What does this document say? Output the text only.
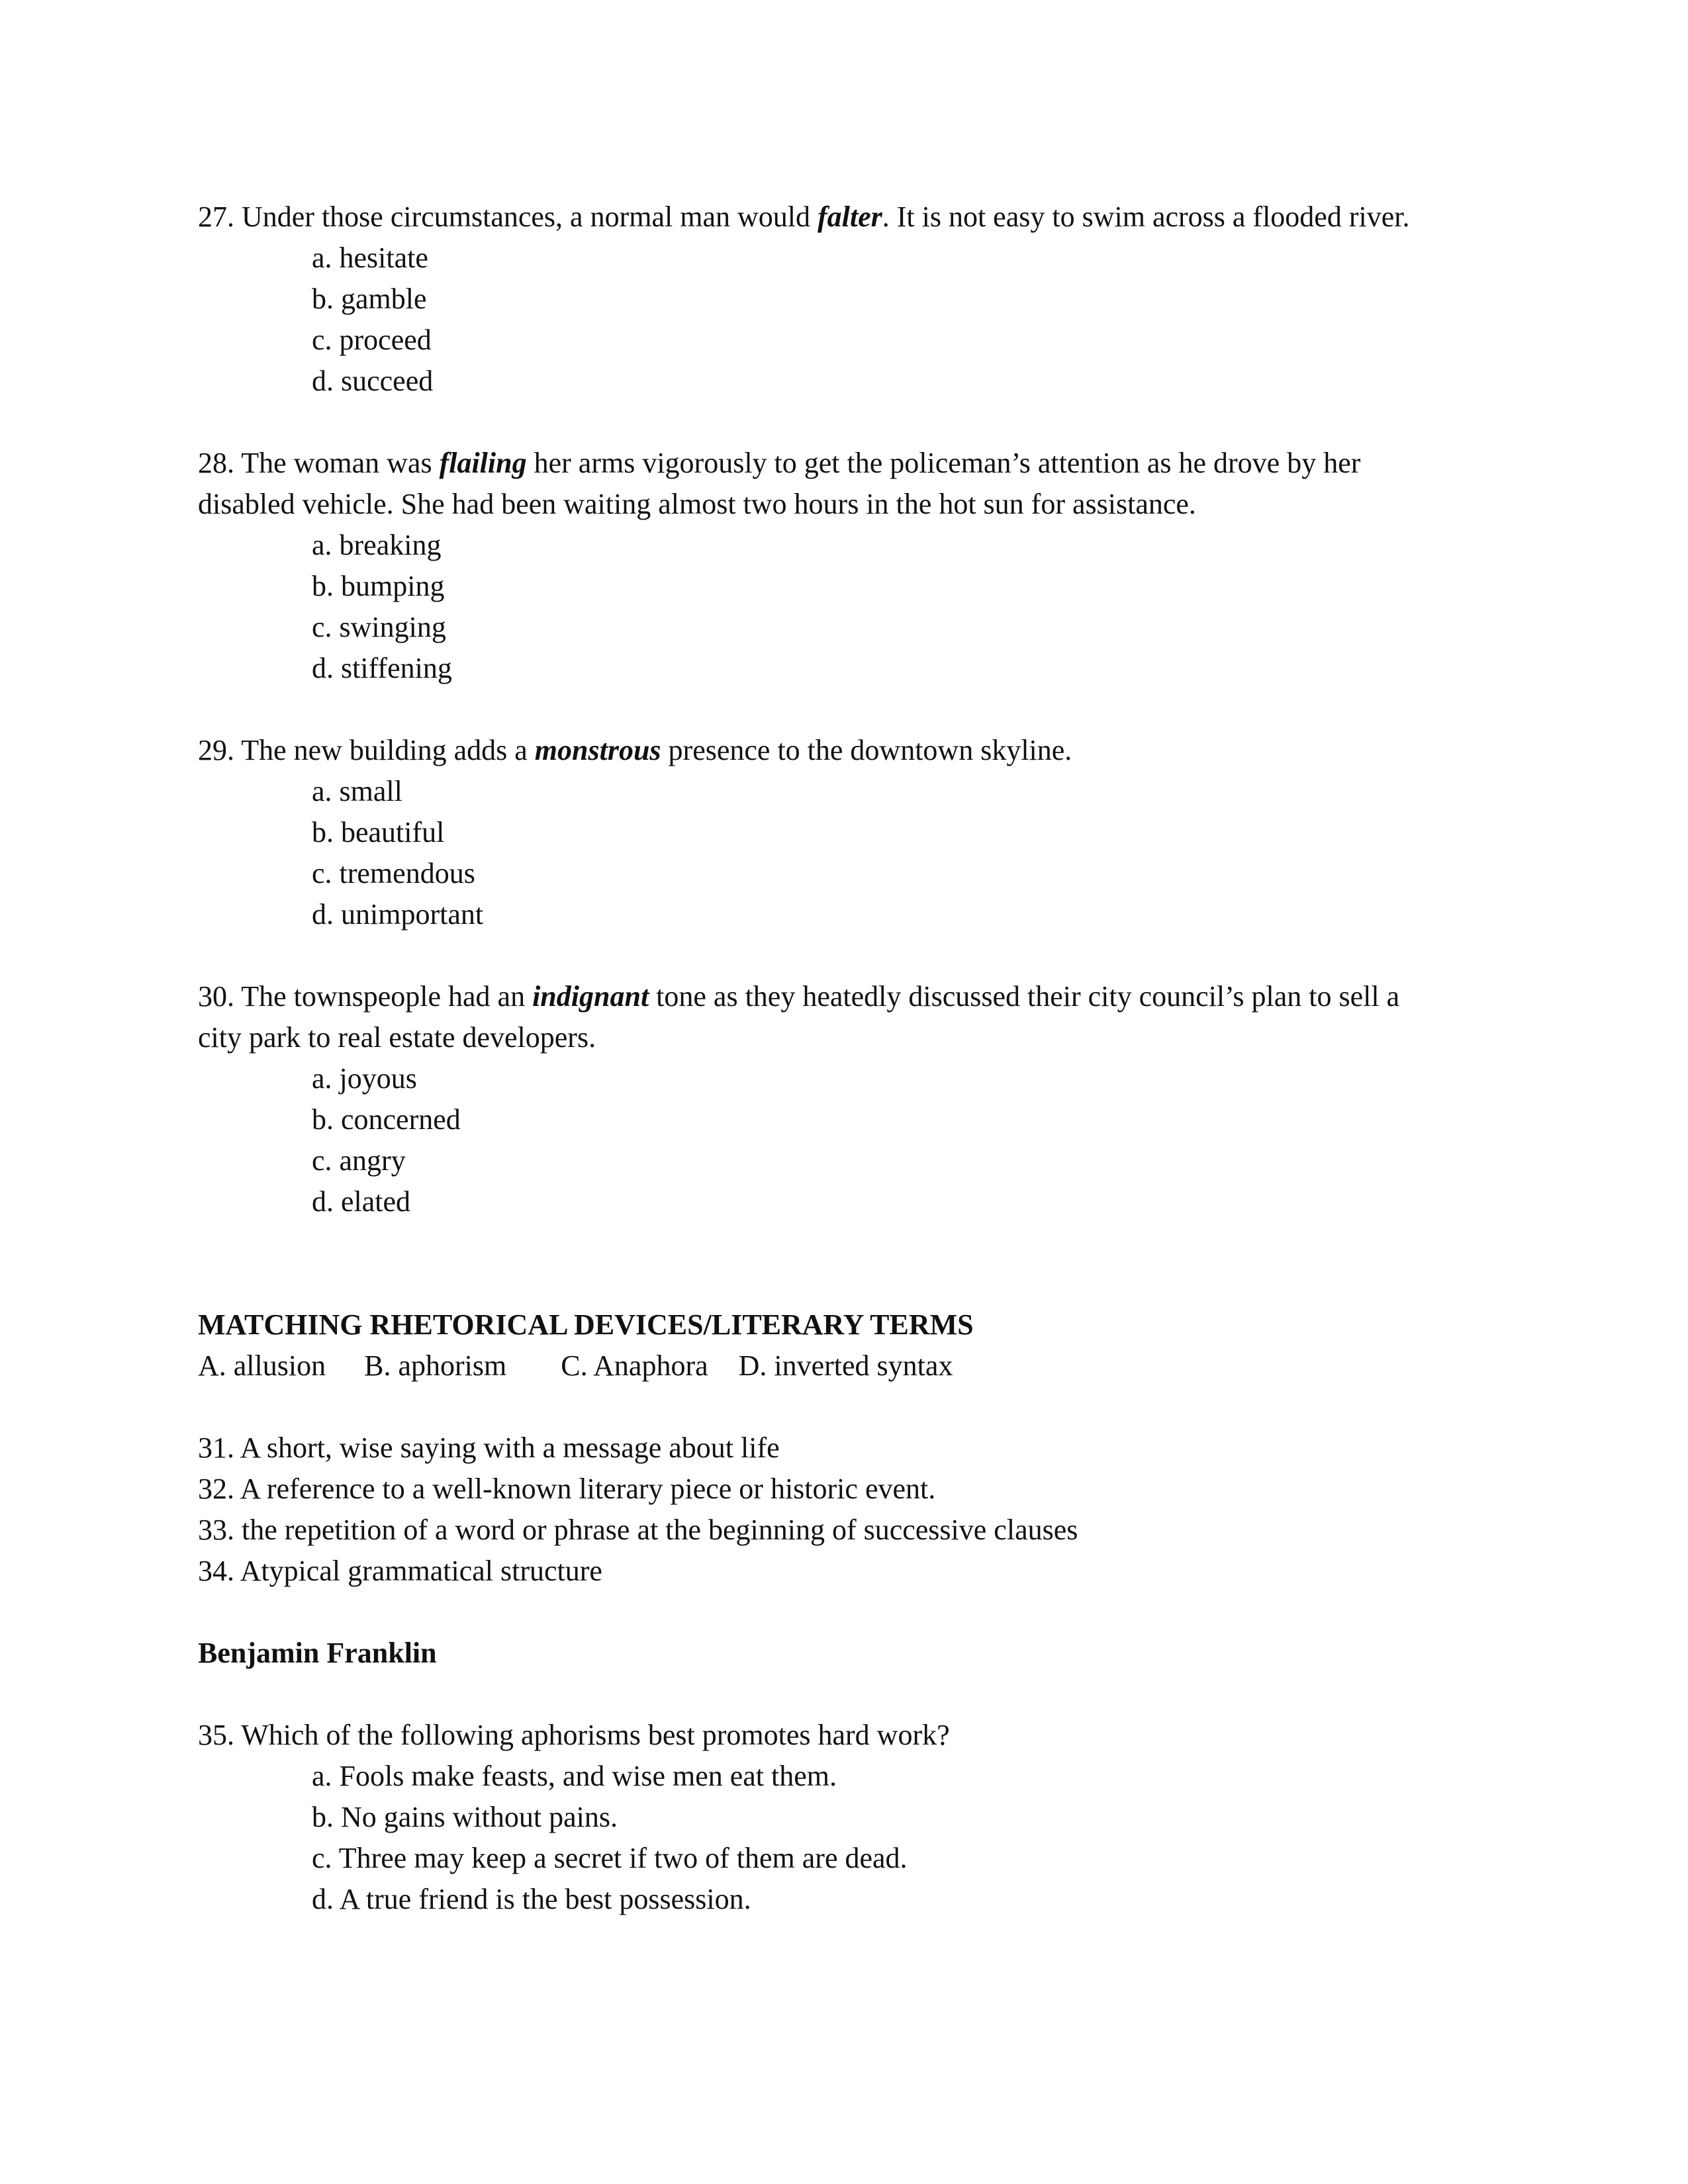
27. Under those circumstances, a normal man would falter. It is not easy to swim across a flooded river.
a. hesitate
b. gamble
c. proceed
d. succeed
28. The woman was flailing her arms vigorously to get the policeman’s attention as he drove by her
disabled vehicle. She had been waiting almost two hours in the hot sun for assistance.
a. breaking
b. bumping
c. swinging
d. stiffening
29. The new building adds a monstrous presence to the downtown skyline.
a. small
b. beautiful
c. tremendous
d. unimportant
30. The townspeople had an indignant tone as they heatedly discussed their city council’s plan to sell a
city park to real estate developers.
a. joyous
b. concerned
c. angry
d. elated
MATCHING RHETORICAL DEVICES/LITERARY TERMS
A. allusion B. aphorism C. Anaphora D. inverted syntax
31. A short, wise saying with a message about life
32. A reference to a well-known literary piece or historic event.
33. the repetition of a word or phrase at the beginning of successive clauses
34. Atypical grammatical structure
Benjamin Franklin
35. Which of the following aphorisms best promotes hard work?
a. Fools make feasts, and wise men eat them.
b. No gains without pains.
c. Three may keep a secret if two of them are dead.
d. A true friend is the best possession.
